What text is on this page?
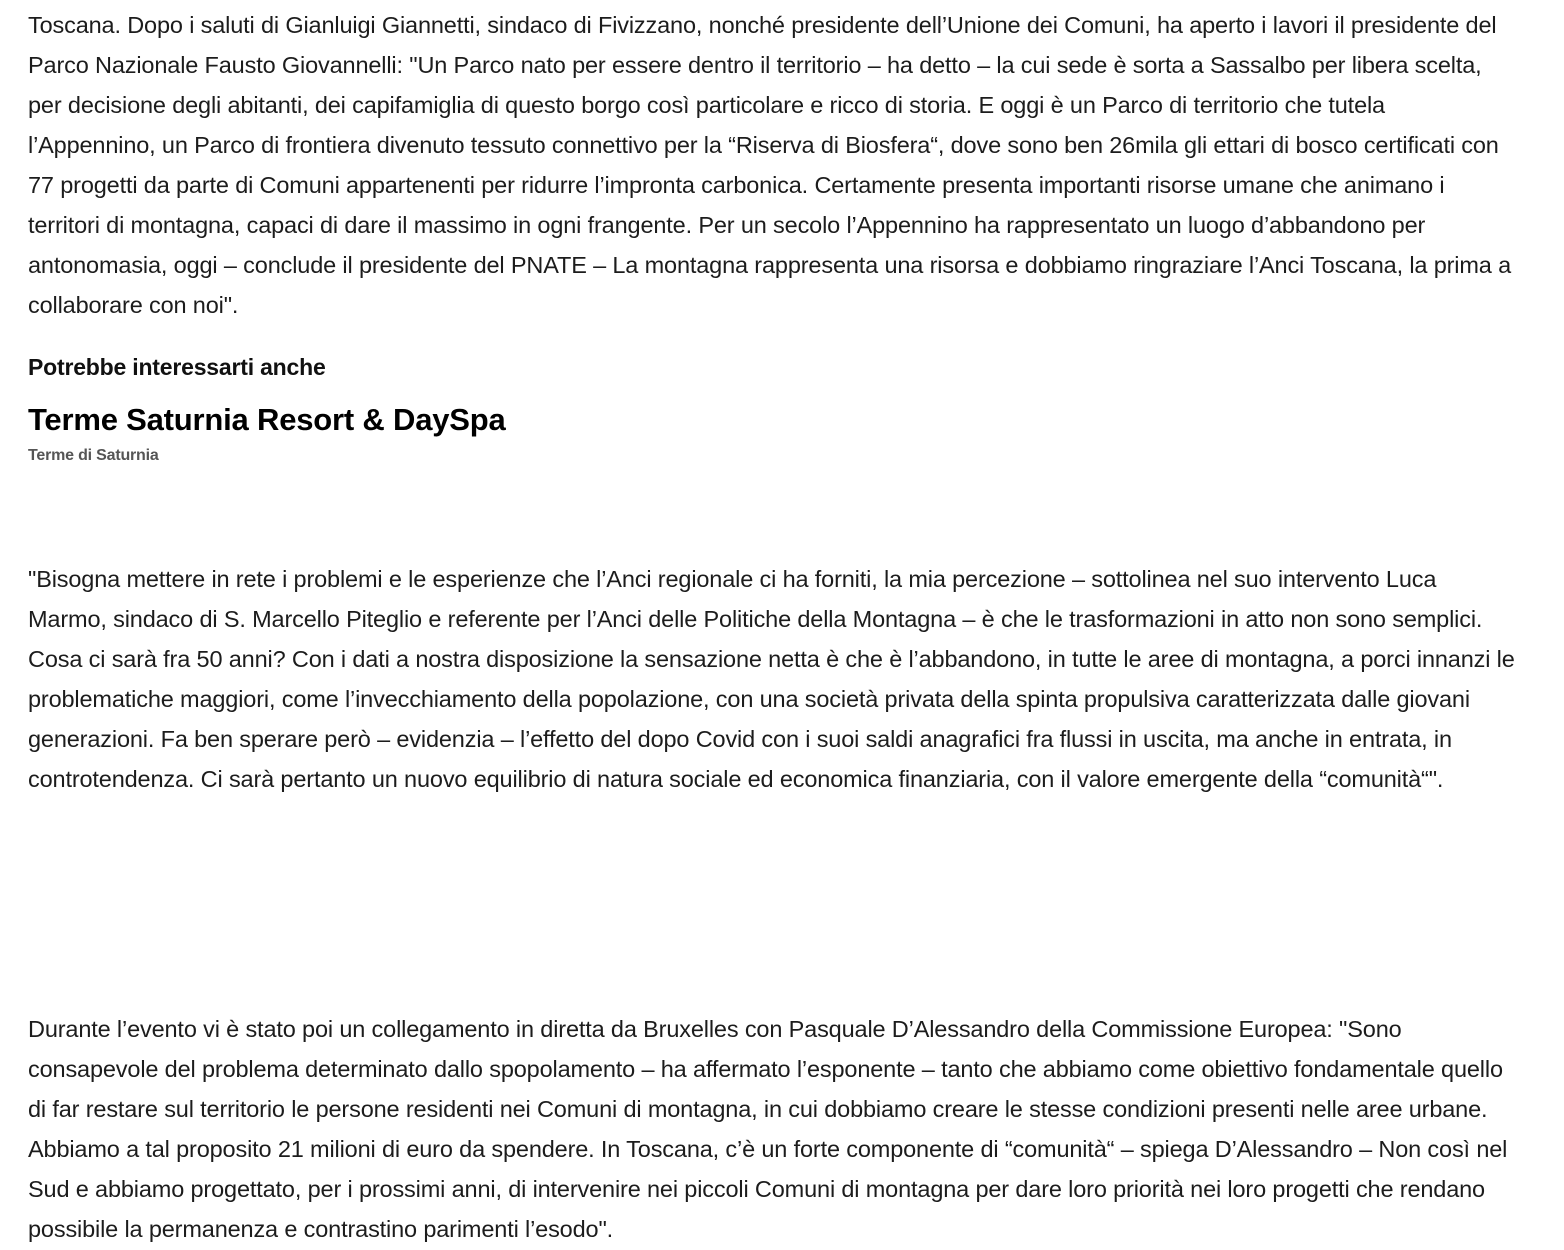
Toscana. Dopo i saluti di Gianluigi Giannetti, sindaco di Fivizzano, nonché presidente dell’Unione dei Comuni, ha aperto i lavori il presidente del Parco Nazionale Fausto Giovannelli: "Un Parco nato per essere dentro il territorio – ha detto – la cui sede è sorta a Sassalbo per libera scelta, per decisione degli abitanti, dei capifamiglia di questo borgo così particolare e ricco di storia. E oggi è un Parco di territorio che tutela l’Appennino, un Parco di frontiera divenuto tessuto connettivo per la “Riserva di Biosfera“, dove sono ben 26mila gli ettari di bosco certificati con 77 progetti da parte di Comuni appartenenti per ridurre l’impronta carbonica. Certamente presenta importanti risorse umane che animano i territori di montagna, capaci di dare il massimo in ogni frangente. Per un secolo l’Appennino ha rappresentato un luogo d’abbandono per antonomasia, oggi – conclude il presidente del PNATE – La montagna rappresenta una risorsa e dobbiamo ringraziare l’Anci Toscana, la prima a collaborare con noi".

Potrebbe interessarti anche
Terme Saturnia Resort & DaySpa
Terme di Saturnia

"Bisogna mettere in rete i problemi e le esperienze che l’Anci regionale ci ha forniti, la mia percezione – sottolinea nel suo intervento Luca Marmo, sindaco di S. Marcello Piteglio e referente per l’Anci delle Politiche della Montagna – è che le trasformazioni in atto non sono semplici. Cosa ci sarà fra 50 anni? Con i dati a nostra disposizione la sensazione netta è che è l’abbandono, in tutte le aree di montagna, a porci innanzi le problematiche maggiori, come l’invecchiamento della popolazione, con una società privata della spinta propulsiva caratterizzata dalle giovani generazioni. Fa ben sperare però – evidenzia – l’effetto del dopo Covid con i suoi saldi anagrafici fra flussi in uscita, ma anche in entrata, in controtendenza. Ci sarà pertanto un nuovo equilibrio di natura sociale ed economica finanziaria, con il valore emergente della “comunità“".

Durante l’evento vi è stato poi un collegamento in diretta da Bruxelles con Pasquale D’Alessandro della Commissione Europea: "Sono consapevole del problema determinato dallo spopolamento – ha affermato l’esponente – tanto che abbiamo come obiettivo fondamentale quello di far restare sul territorio le persone residenti nei Comuni di montagna, in cui dobbiamo creare le stesse condizioni presenti nelle aree urbane. Abbiamo a tal proposito 21 milioni di euro da spendere. In Toscana, c’è un forte componente di “comunità“ – spiega D’Alessandro – Non così nel Sud e abbiamo progettato, per i prossimi anni, di intervenire nei piccoli Comuni di montagna per dare loro priorità nei loro progetti che rendano possibile la permanenza e contrastino parimenti l’esodo".
